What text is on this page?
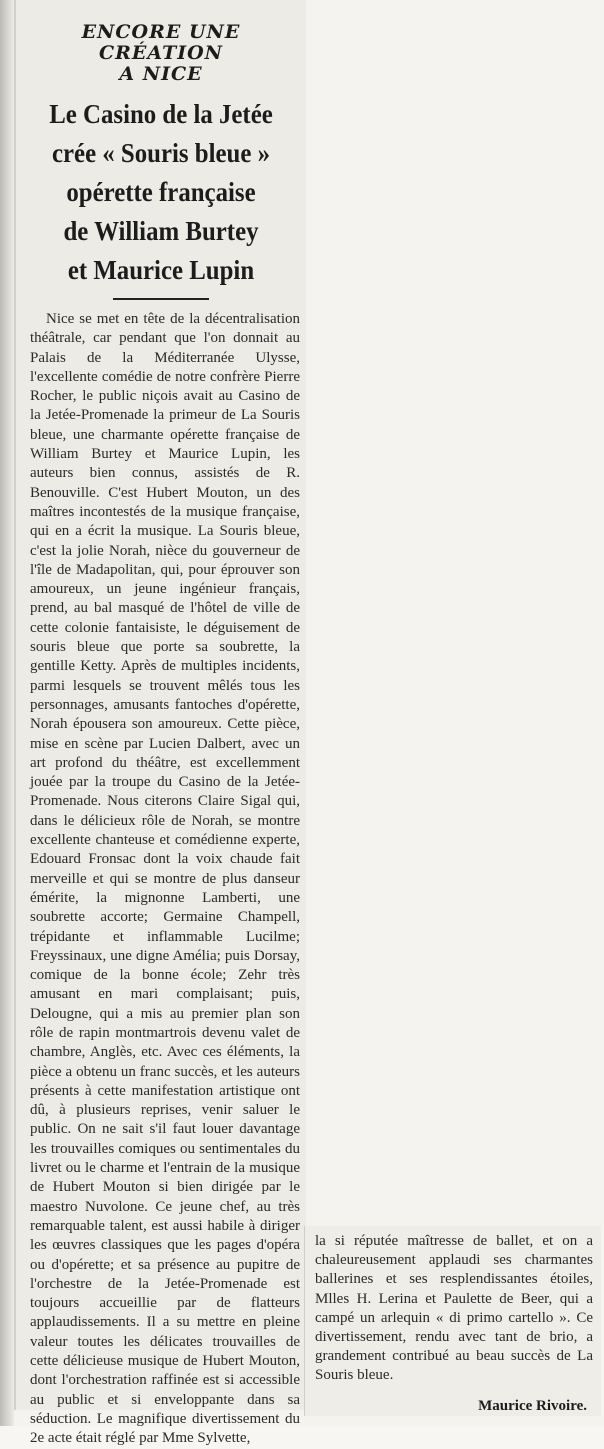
ENCORE UNE CRÉATION
A NICE
Le Casino de la Jetée
crée « Souris bleue »
opérette française
de William Burtey
et Maurice Lupin

Nice se met en tête de la décentralisation théâtrale, car pendant que l'on donnait au Palais de la Méditerranée Ulysse, l'excellente comédie de notre confrère Pierre Rocher, le public niçois avait au Casino de la Jetée-Promenade la primeur de La Souris bleue, une charmante opérette française de William Burtey et Maurice Lupin, les auteurs bien connus, assistés de R. Benouville. C'est Hubert Mouton, un des maîtres incontestés de la musique française, qui en a écrit la musique. La Souris bleue, c'est la jolie Norah, nièce du gouverneur de l'île de Madapolitan, qui, pour éprouver son amoureux, un jeune ingénieur français, prend, au bal masqué de l'hôtel de ville de cette colonie fantaisiste, le déguisement de souris bleue que porte sa soubrette, la gentille Ketty. Après de multiples incidents, parmi lesquels se trouvent mêlés tous les personnages, amusants fantoches d'opérette, Norah épousera son amoureux. Cette pièce, mise en scène par Lucien Dalbert, avec un art profond du théâtre, est excellemment jouée par la troupe du Casino de la Jetée-Promenade. Nous citerons Claire Sigal qui, dans le délicieux rôle de Norah, se montre excellente chanteuse et comédienne experte, Edouard Fronsac dont la voix chaude fait merveille et qui se montre de plus danseur émérite, la mignonne Lamberti, une soubrette accorte; Germaine Champell, trépidante et inflammable Lucilme; Freyssinaux, une digne Amélia; puis Dorsay, comique de la bonne école; Zehr très amusant en mari complaisant; puis, Delougne, qui a mis au premier plan son rôle de rapin montmartrois devenu valet de chambre, Anglès, etc. Avec ces éléments, la pièce a obtenu un franc succès, et les auteurs présents à cette manifestation artistique ont dû, à plusieurs reprises, venir saluer le public. On ne sait s'il faut louer davantage les trouvailles comiques ou sentimentales du livret ou le charme et l'entrain de la musique de Hubert Mouton si bien dirigée par le maestro Nuvolone. Ce jeune chef, au très remarquable talent, est aussi habile à diriger les œuvres classiques que les pages d'opéra ou d'opérette; et sa présence au pupitre de l'orchestre de la Jetée-Promenade est toujours accueillie par de flatteurs applaudissements. Il a su mettre en pleine valeur toutes les délicates trouvailles de cette délicieuse musique de Hubert Mouton, dont l'orchestration raffinée est si accessible au public et si enveloppante dans sa séduction. Le magnifique divertissement du 2e acte était réglé par Mme Sylvette,

la si réputée maîtresse de ballet, et on a chaleureusement applaudi ses charmantes ballerines et ses resplendissantes étoiles, Mlles H. Lerina et Paulette de Beer, qui a campé un arlequin « di primo cartello ». Ce divertissement, rendu avec tant de brio, a grandement contribué au beau succès de La Souris bleue.

Maurice Rivoire.
